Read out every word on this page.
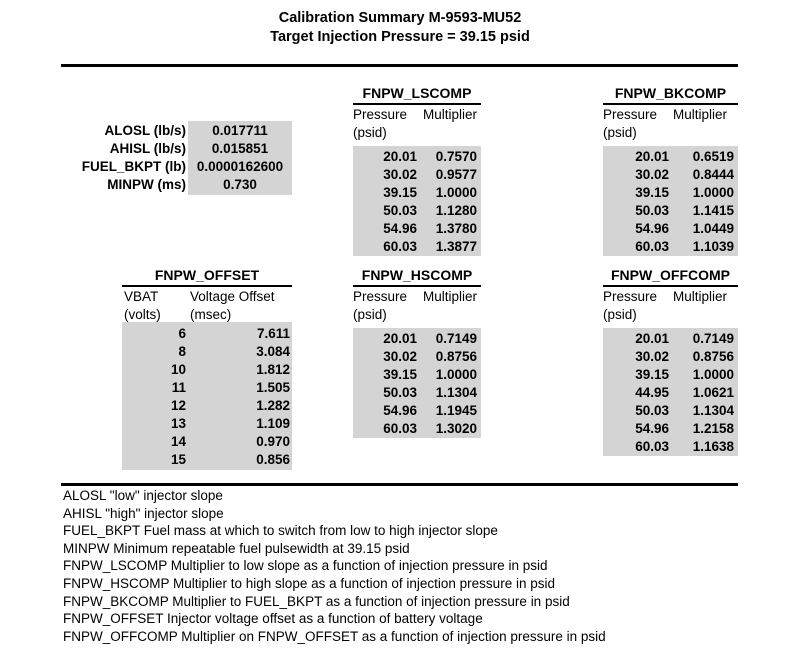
Calibration Summary M-9593-MU52
Target Injection Pressure = 39.15 psid
ALOSL (lb/s)	0.017711
AHISL (lb/s)	0.015851
FUEL_BKPT (lb) 0.0000162600
MINPW (ms)	0.730
FNPW_LSCOMP
Pressure Multiplier
(psid)
20.01	0.7570
30.02	0.9577
39.15	1.0000
50.03	1.1280
54.96	1.3780
60.03	1.3877
FNPW_BKCOMP
Pressure Multiplier
(psid)
20.01	0.6519
30.02	0.8444
39.15	1.0000
50.03	1.1415
54.96	1.0449
60.03	1.1039
FNPW_OFFSET
VBAT Voltage Offset
(volts) (msec)
6	7.611
8	3.084
10	1.812
11	1.505
12	1.282
13	1.109
14	0.970
15	0.856
FNPW_HSCOMP
Pressure Multiplier
(psid)
20.01	0.7149
30.02	0.8756
39.15	1.0000
50.03	1.1304
54.96	1.1945
60.03	1.3020
FNPW_OFFCOMP
Pressure Multiplier
(psid)
20.01	0.7149
30.02	0.8756
39.15	1.0000
44.95	1.0621
50.03	1.1304
54.96	1.2158
60.03	1.1638
ALOSL "low" injector slope
AHISL "high" injector slope
FUEL_BKPT Fuel mass at which to switch from low to high injector slope
MINPW Minimum repeatable fuel pulsewidth at 39.15 psid
FNPW_LSCOMP Multiplier to low slope as a function of injection pressure in psid
FNPW_HSCOMP Multiplier to high slope as a function of injection pressure in psid
FNPW_BKCOMP Multiplier to FUEL_BKPT as a function of injection pressure in psid
FNPW_OFFSET Injector voltage offset as a function of battery voltage
FNPW_OFFCOMP Multiplier on FNPW_OFFSET as a function of injection pressure in psid
